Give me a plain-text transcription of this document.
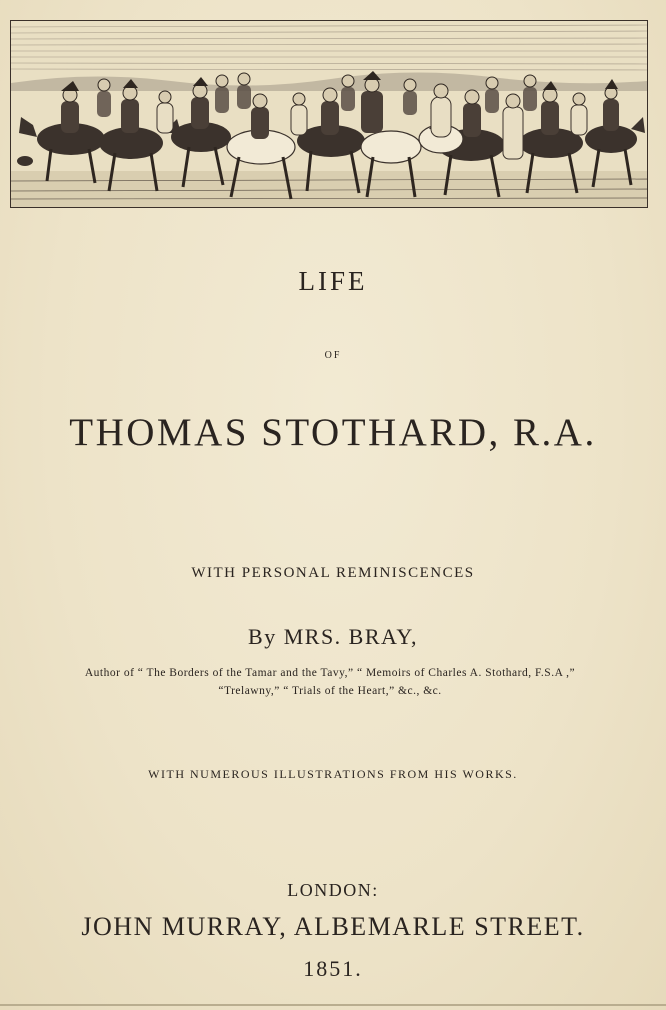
LIFE
OF
THOMAS STOTHARD, R.A.
WITH PERSONAL REMINISCENCES
By MRS. BRAY,
Author of “ The Borders of the Tamar and the Tavy,” “ Memoirs of Charles A. Stothard, F.S.A ,”
“Trelawny,” “ Trials of the Heart,” &c., &c.
WITH NUMEROUS ILLUSTRATIONS FROM HIS WORKS.
LONDON:
JOHN MURRAY, ALBEMARLE STREET.
1851.
